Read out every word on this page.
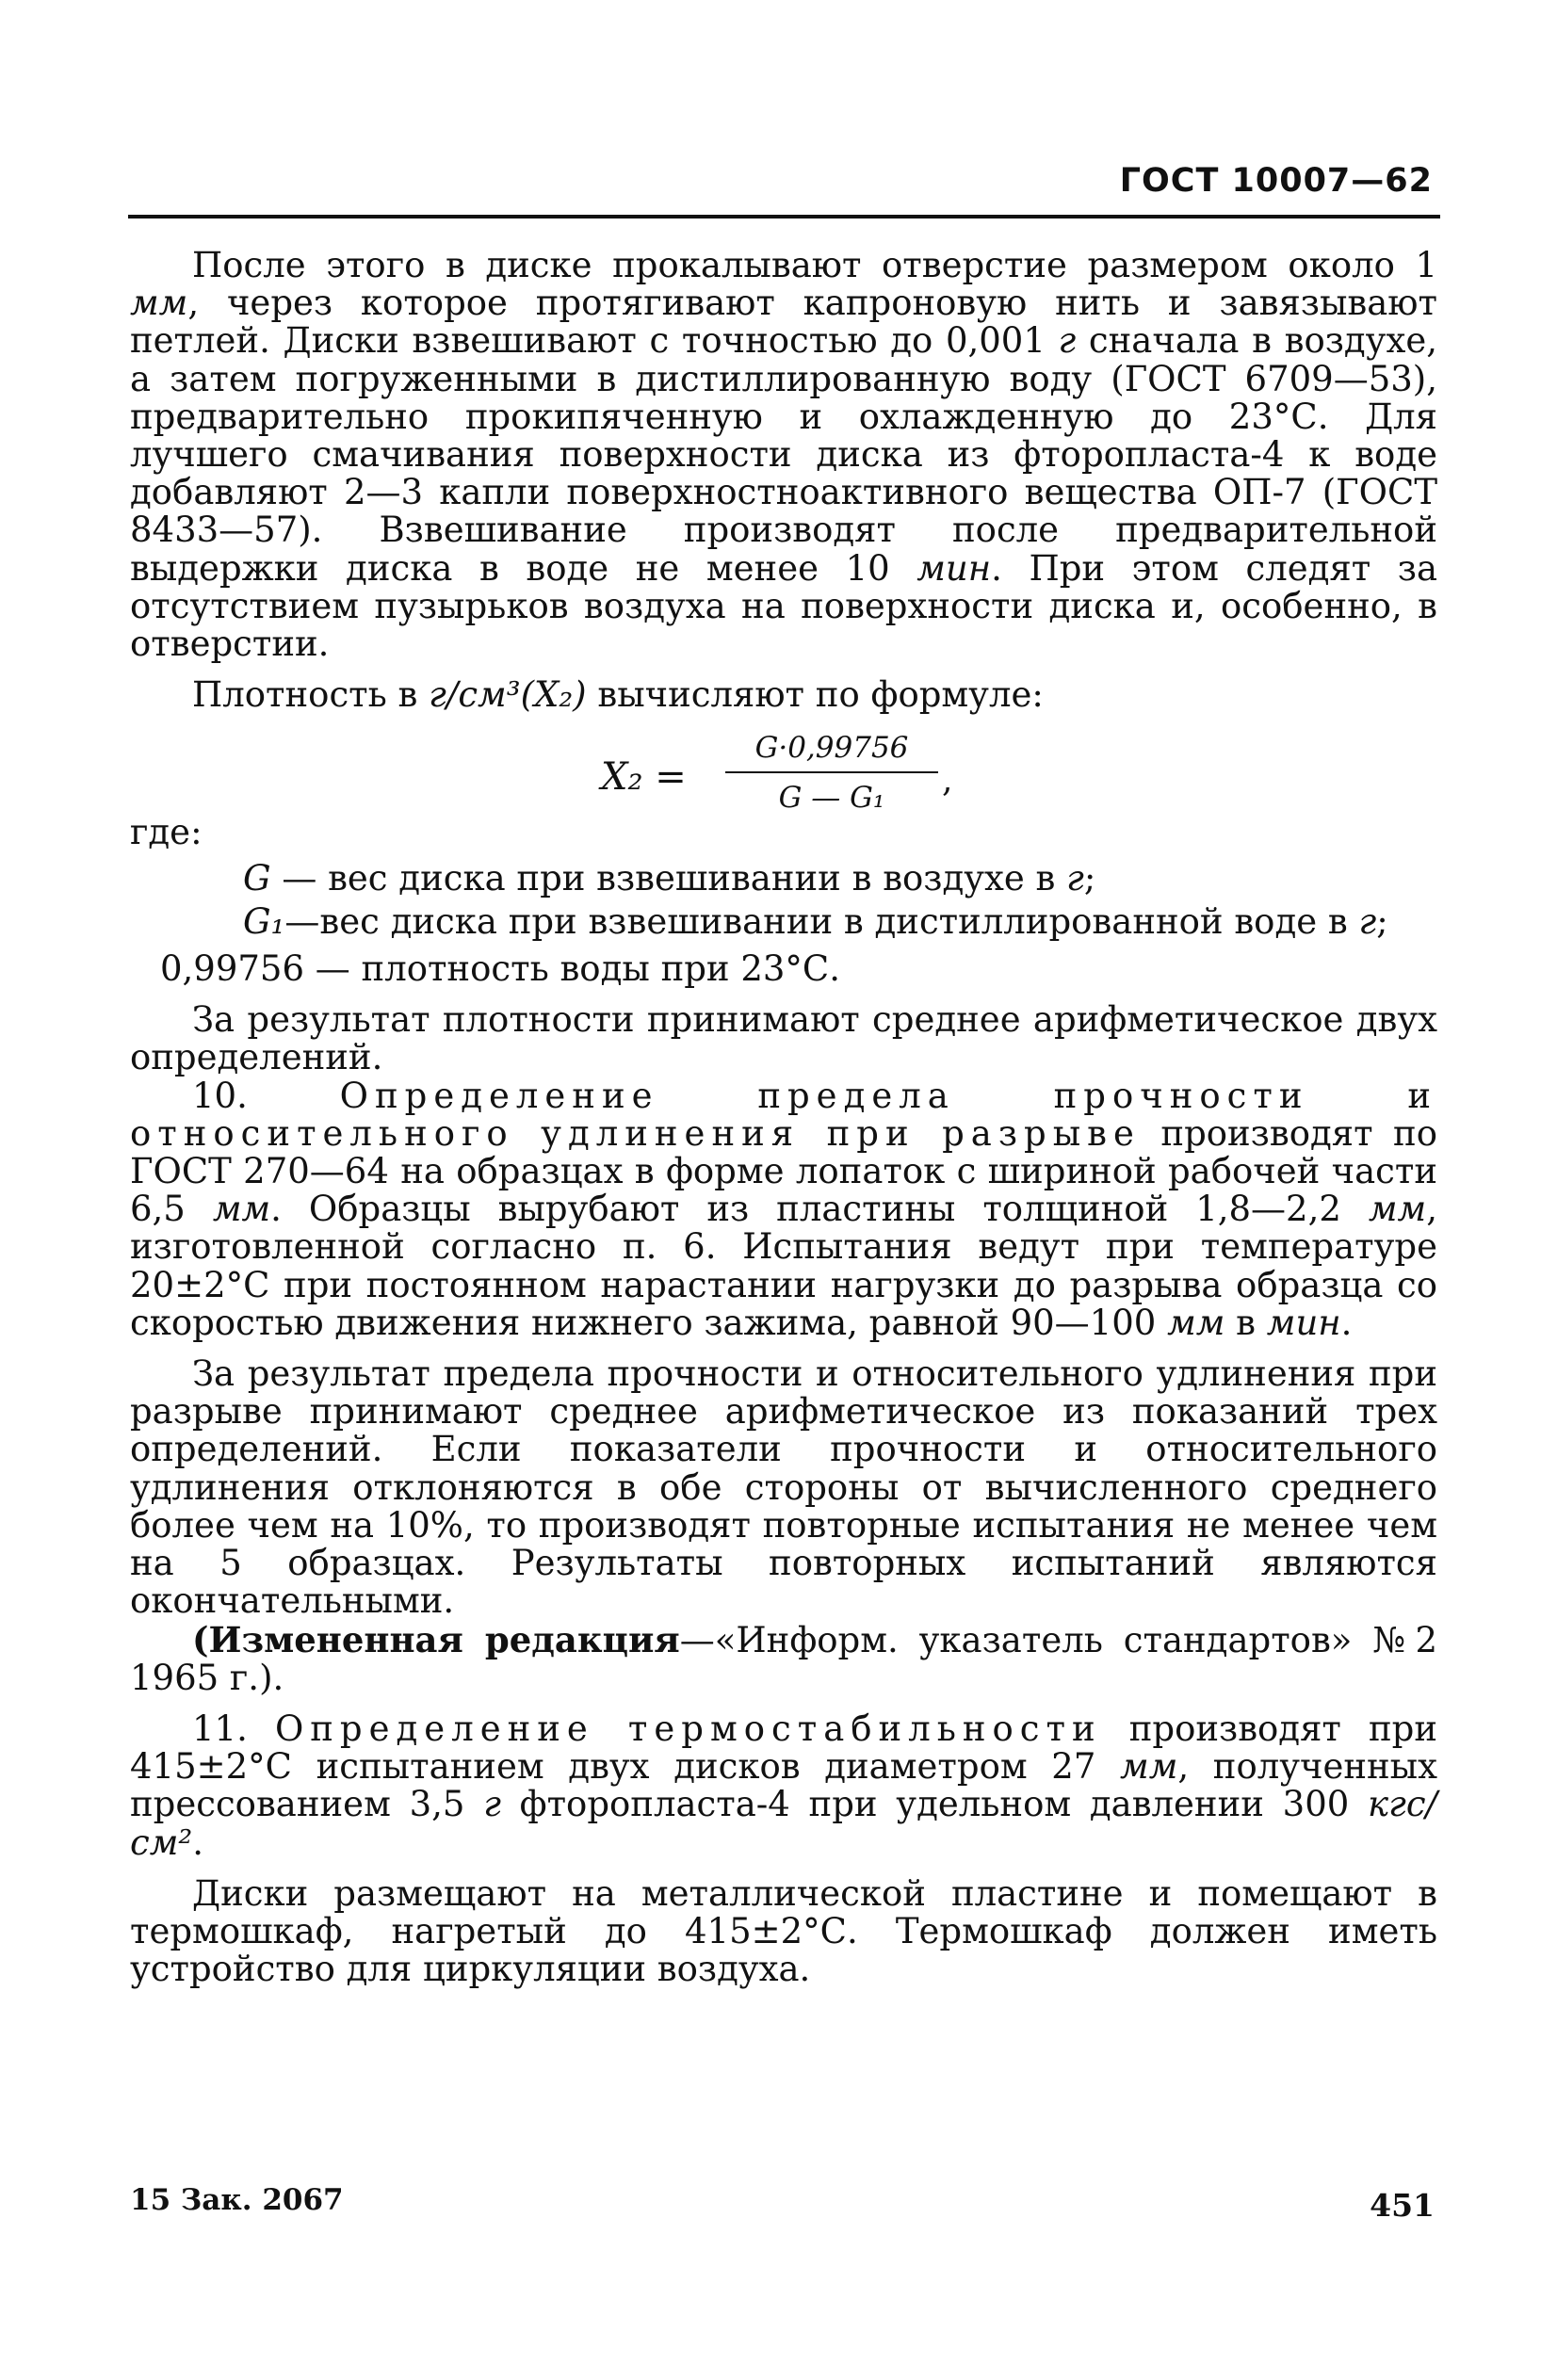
ГОСТ 10007—62

После этого в диске прокалывают отверстие размером около 1 мм, через которое протягивают капроновую нить и завязывают петлей. Диски взвешивают с точностью до 0,001 г сначала в воздухе, а затем погруженными в дистиллированную воду (ГОСТ 6709—53), предварительно прокипяченную и охлажденную до 23°С. Для лучшего смачивания поверхности диска из фторопласта-4 к воде добавляют 2—3 капли поверхностноактивного вещества ОП-7 (ГОСТ 8433—57). Взвешивание производят после предварительной выдержки диска в воде не менее 10 мин. При этом следят за отсутствием пузырьков воздуха на поверхности диска и, особенно, в отверстии.

Плотность в г/см³(X₂) вычисляют по формуле:

X₂ =
G·0,99756
G — G₁	,

где:

G — вес диска при взвешивании в воздухе в г;

G₁—вес диска при взвешивании в дистиллированной воде в г;

0,99756 — плотность воды при 23°С.

За результат плотности принимают среднее арифметическое двух определений.

10. Определение предела прочности и относительного удлинения при разрыве производят по ГОСТ 270—64 на образцах в форме лопаток с шириной рабочей части 6,5 мм. Образцы вырубают из пластины толщиной 1,8—2,2 мм, изготовленной согласно п. 6. Испытания ведут при температуре 20±2°С при постоянном нарастании нагрузки до разрыва образца со скоростью движения нижнего зажима, равной 90—100 мм в мин.

За результат предела прочности и относительного удлинения при разрыве принимают среднее арифметическое из показаний трех определений. Если показатели прочности и относительного удлинения отклоняются в обе стороны от вычисленного среднего более чем на 10%, то производят повторные испытания не менее чем на 5 образцах. Результаты повторных испытаний являются окончательными.

(Измененная редакция—«Информ. указатель стандартов» №2 1965 г.).

11. Определение термостабильности производят при 415±2°С испытанием двух дисков диаметром 27 мм, полученных прессованием 3,5 г фторопласта-4 при удельном давлении 300 кгс/см².

Диски размещают на металлической пластине и помещают в термошкаф, нагретый до 415±2°С. Термошкаф должен иметь устройство для циркуляции воздуха.

15 Зак. 2067	451
